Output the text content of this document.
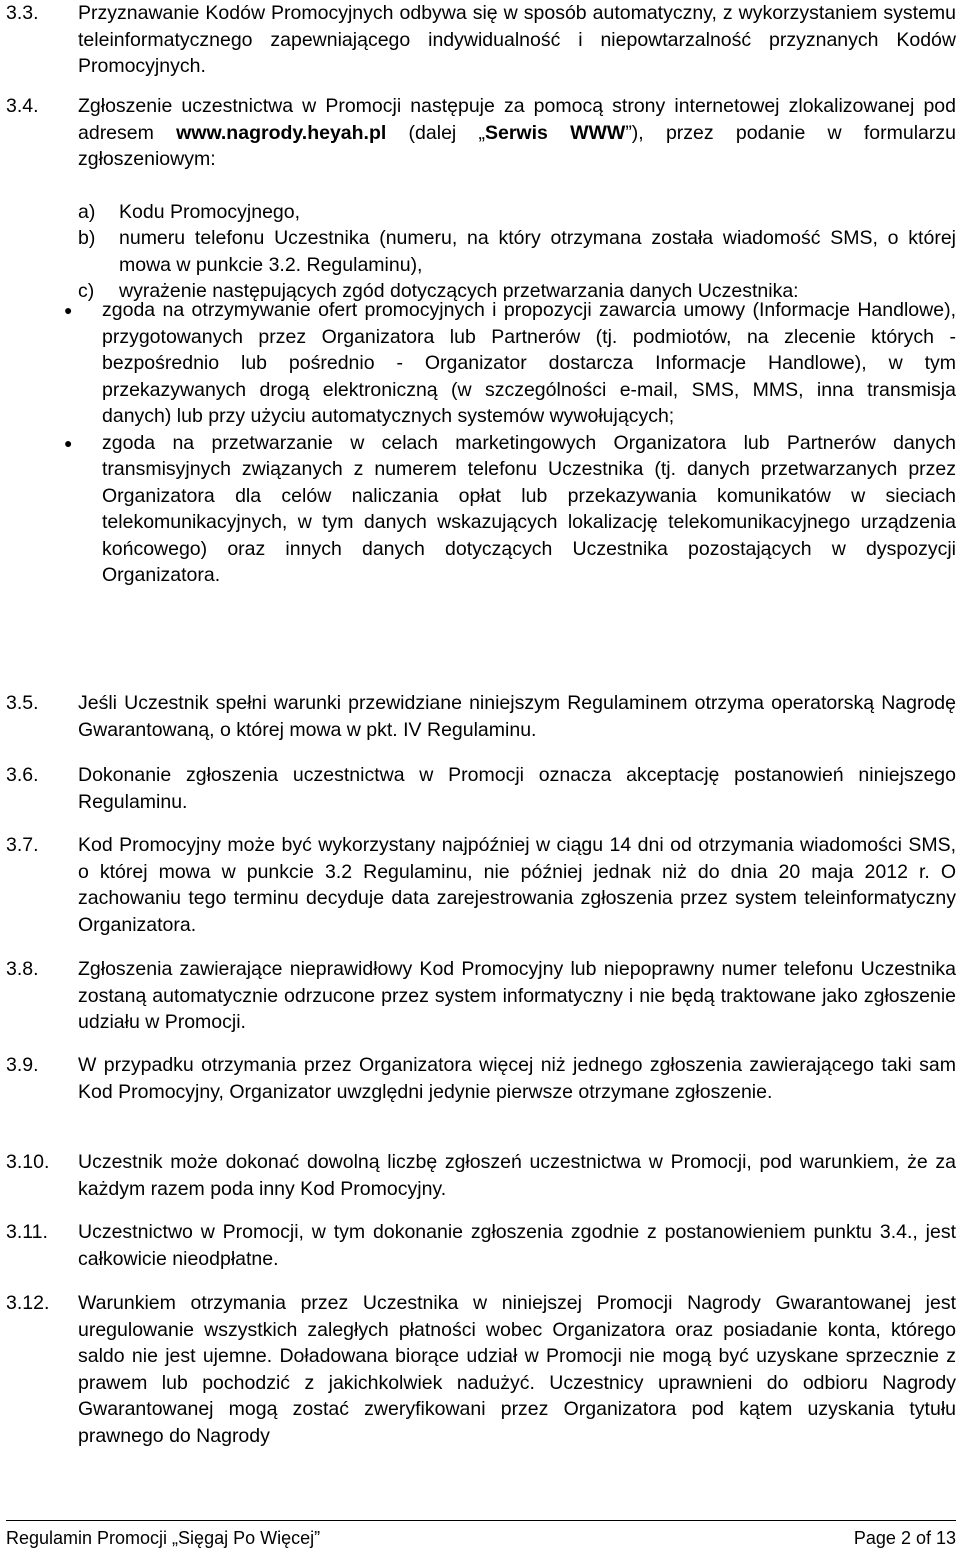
3.3.	Przyznawanie Kodów Promocyjnych odbywa się w sposób automatyczny, z wykorzystaniem systemu teleinformatycznego zapewniającego indywidualność i niepowtarzalność przyznanych Kodów Promocyjnych.

3.4.	Zgłoszenie uczestnictwa w Promocji następuje za pomocą strony internetowej zlokalizowanej pod adresem www.nagrody.heyah.pl (dalej „Serwis WWW”), przez podanie w formularzu zgłoszeniowym:

a)	Kodu Promocyjnego,
b)	numeru telefonu Uczestnika (numeru, na który otrzymana została wiadomość SMS, o której mowa w punkcie 3.2. Regulaminu),
c)	wyrażenie następujących zgód dotyczących przetwarzania danych Uczestnika:
● zgoda na otrzymywanie ofert promocyjnych i propozycji zawarcia umowy (Informacje Handlowe), przygotowanych przez Organizatora lub Partnerów (tj. podmiotów, na zlecenie których - bezpośrednio lub pośrednio - Organizator dostarcza Informacje Handlowe), w tym przekazywanych drogą elektroniczną (w szczególności e-mail, SMS, MMS, inna transmisja danych) lub przy użyciu automatycznych systemów wywołujących;
● zgoda na przetwarzanie w celach marketingowych Organizatora lub Partnerów danych transmisyjnych związanych z numerem telefonu Uczestnika (tj. danych przetwarzanych przez Organizatora dla celów naliczania opłat lub przekazywania komunikatów w sieciach telekomunikacyjnych, w tym danych wskazujących lokalizację telekomunikacyjnego urządzenia końcowego) oraz innych danych dotyczących Uczestnika pozostających w dyspozycji Organizatora.
3.5.	Jeśli Uczestnik spełni warunki przewidziane niniejszym Regulaminem otrzyma operatorską Nagrodę Gwarantowaną, o której mowa w pkt. IV Regulaminu.

3.6.	Dokonanie zgłoszenia uczestnictwa w Promocji oznacza akceptację postanowień niniejszego Regulaminu.

3.7.	Kod Promocyjny może być wykorzystany najpóźniej w ciągu 14 dni od otrzymania wiadomości SMS, o której mowa w punkcie 3.2 Regulaminu, nie później jednak niż do dnia 20 maja 2012 r. O zachowaniu tego terminu decyduje data zarejestrowania zgłoszenia przez system teleinformatyczny Organizatora.

3.8.	Zgłoszenia zawierające nieprawidłowy Kod Promocyjny lub niepoprawny numer telefonu Uczestnika zostaną automatycznie odrzucone przez system informatyczny i nie będą traktowane jako zgłoszenie udziału w Promocji.

3.9.	W przypadku otrzymania przez Organizatora więcej niż jednego zgłoszenia zawierającego taki sam Kod Promocyjny, Organizator uwzględni jedynie pierwsze otrzymane zgłoszenie.

3.10.	Uczestnik może dokonać dowolną liczbę zgłoszeń uczestnictwa w Promocji, pod warunkiem, że za każdym razem poda inny Kod Promocyjny.

3.11.	Uczestnictwo w Promocji, w tym dokonanie zgłoszenia zgodnie z postanowieniem punktu 3.4., jest całkowicie nieodpłatne.

3.12.	Warunkiem otrzymania przez Uczestnika w niniejszej Promocji Nagrody Gwarantowanej jest uregulowanie wszystkich zaległych płatności wobec Organizatora oraz posiadanie konta, którego saldo nie jest ujemne. Doładowana biorące udział w Promocji nie mogą być uzyskane sprzecznie z prawem lub pochodzić z jakichkolwiek nadużyć. Uczestnicy uprawnieni do odbioru Nagrody Gwarantowanej mogą zostać zweryfikowani przez Organizatora pod kątem uzyskania tytułu prawnego do Nagrody

Regulamin Promocji „Sięgaj Po Więcej”	Page 2 of 13
